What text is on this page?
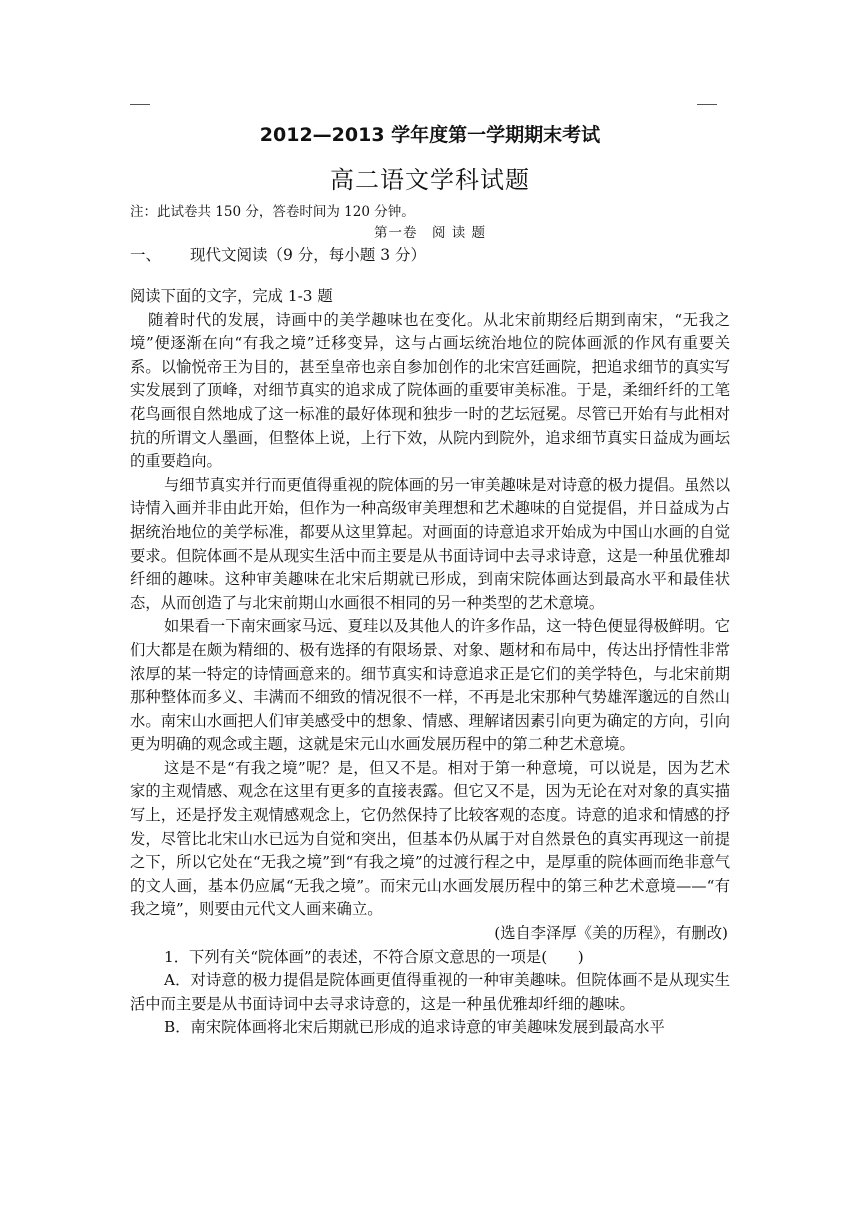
2012—2013 学年度第一学期期末考试
高二语文学科试题
注：此试卷共 150 分，答卷时间为 120 分钟。
第一卷　阅 读 题
一、 现代文阅读（9 分，每小题 3 分）

阅读下面的文字，完成 1-3 题

随着时代的发展，诗画中的美学趣味也在变化。从北宋前期经后期到南宋，“无我之境”便逐渐在向“有我之境”迁移变异，这与占画坛统治地位的院体画派的作风有重要关系。以愉悦帝王为目的，甚至皇帝也亲自参加创作的北宋宫廷画院，把追求细节的真实写实发展到了顶峰，对细节真实的追求成了院体画的重要审美标准。于是，柔细纤纤的工笔花鸟画很自然地成了这一标准的最好体现和独步一时的艺坛冠冕。尽管已开始有与此相对抗的所谓文人墨画，但整体上说，上行下效，从院内到院外，追求细节真实日益成为画坛的重要趋向。

与细节真实并行而更值得重视的院体画的另一审美趣味是对诗意的极力提倡。虽然以诗情入画并非由此开始，但作为一种高级审美理想和艺术趣味的自觉提倡，并日益成为占据统治地位的美学标准，都要从这里算起。对画面的诗意追求开始成为中国山水画的自觉要求。但院体画不是从现实生活中而主要是从书面诗词中去寻求诗意，这是一种虽优雅却纤细的趣味。这种审美趣味在北宋后期就已形成，到南宋院体画达到最高水平和最佳状态，从而创造了与北宋前期山水画很不相同的另一种类型的艺术意境。

如果看一下南宋画家马远、夏珪以及其他人的许多作品，这一特色便显得极鲜明。它们大都是在颇为精细的、极有选择的有限场景、对象、题材和布局中，传达出抒情性非常浓厚的某一特定的诗情画意来的。细节真实和诗意追求正是它们的美学特色，与北宋前期那种整体而多义、丰满而不细致的情况很不一样，不再是北宋那种气势雄浑邈远的自然山水。南宋山水画把人们审美感受中的想象、情感、理解诸因素引向更为确定的方向，引向更为明确的观念或主题，这就是宋元山水画发展历程中的第二种艺术意境。

这是不是“有我之境”呢？是，但又不是。相对于第一种意境，可以说是，因为艺术家的主观情感、观念在这里有更多的直接表露。但它又不是，因为无论在对对象的真实描写上，还是抒发主观情感观念上，它仍然保持了比较客观的态度。诗意的追求和情感的抒发，尽管比北宋山水已远为自觉和突出，但基本仍从属于对自然景色的真实再现这一前提之下，所以它处在“无我之境”到“有我之境”的过渡行程之中，是厚重的院体画而绝非意气的文人画，基本仍应属“无我之境”。而宋元山水画发展历程中的第三种艺术意境——“有我之境”，则要由元代文人画来确立。

(选自李泽厚《美的历程》，有删改)

1．下列有关“院体画”的表述，不符合原文意思的一项是(　　)

A．对诗意的极力提倡是院体画更值得重视的一种审美趣味。但院体画不是从现实生活中而主要是从书面诗词中去寻求诗意的，这是一种虽优雅却纤细的趣味。

B．南宋院体画将北宋后期就已形成的追求诗意的审美趣味发展到最高水平
